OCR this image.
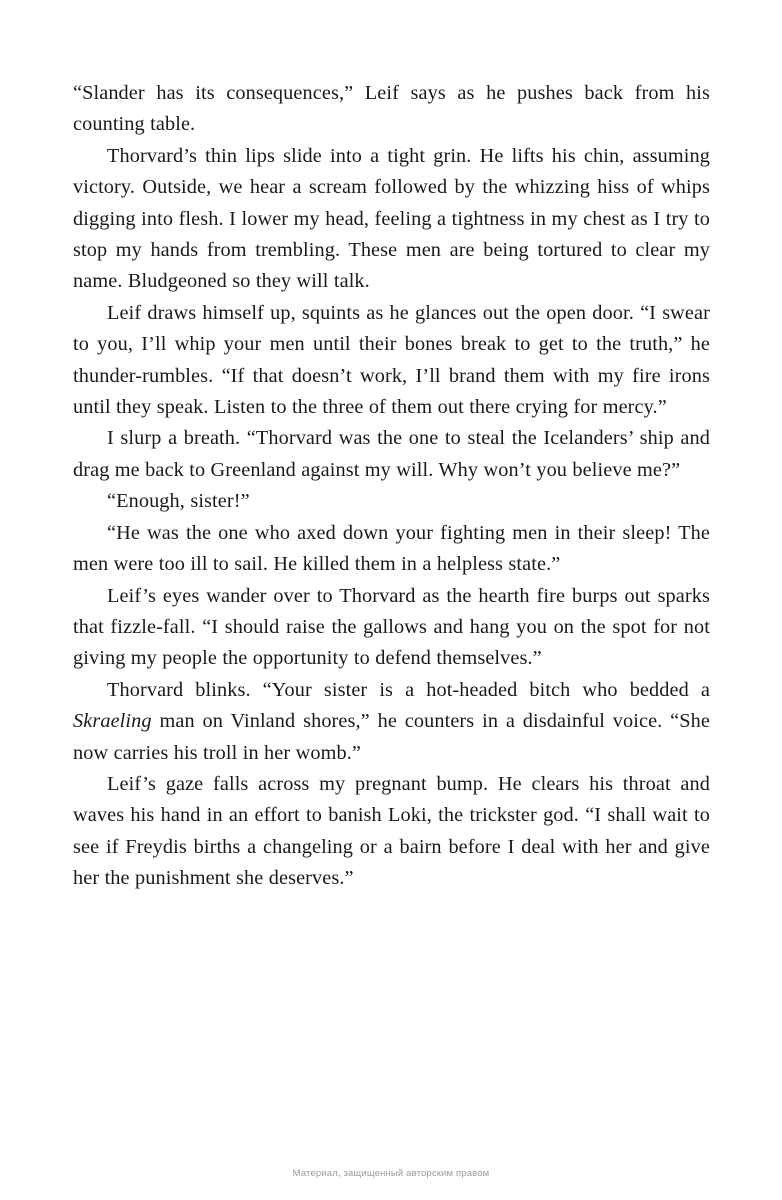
“Slander has its consequences,” Leif says as he pushes back from his counting table.

Thorvard’s thin lips slide into a tight grin. He lifts his chin, assuming victory. Outside, we hear a scream followed by the whizzing hiss of whips digging into flesh. I lower my head, feeling a tightness in my chest as I try to stop my hands from trembling. These men are being tortured to clear my name. Bludgeoned so they will talk.

Leif draws himself up, squints as he glances out the open door. “I swear to you, I’ll whip your men until their bones break to get to the truth,” he thunder-rumbles. “If that doesn’t work, I’ll brand them with my fire irons until they speak. Listen to the three of them out there crying for mercy.”

I slurp a breath. “Thorvard was the one to steal the Icelanders’ ship and drag me back to Greenland against my will. Why won’t you believe me?”

“Enough, sister!”

“He was the one who axed down your fighting men in their sleep! The men were too ill to sail. He killed them in a helpless state.”

Leif’s eyes wander over to Thorvard as the hearth fire burps out sparks that fizzle-fall. “I should raise the gallows and hang you on the spot for not giving my people the opportunity to defend themselves.”

Thorvard blinks. “Your sister is a hot-headed bitch who bedded a Skraeling man on Vinland shores,” he counters in a disdainful voice. “She now carries his troll in her womb.”

Leif’s gaze falls across my pregnant bump. He clears his throat and waves his hand in an effort to banish Loki, the trickster god. “I shall wait to see if Freydis births a changeling or a bairn before I deal with her and give her the punishment she deserves.”

Материал, защищенный авторским правом
